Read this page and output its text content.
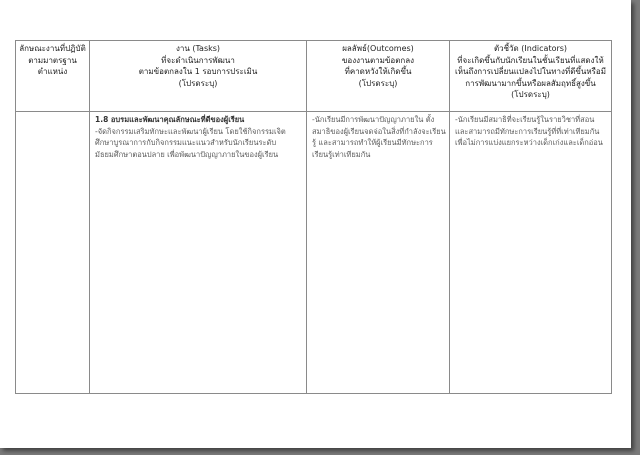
ลักษณะงานที่ปฏิบัติ
ตามมาตรฐาน
ตำแหน่ง	งาน (Tasks)
ที่จะดำเนินการพัฒนา
ตามข้อตกลงใน 1 รอบการประเมิน
(โปรดระบุ)	ผลลัพธ์(Outcomes)
ของงานตามข้อตกลง
ที่คาดหวังให้เกิดขึ้น
(โปรดระบุ)	ตัวชี้วัด (Indicators)
ที่จะเกิดขึ้นกับนักเรียนในชั้นเรียนที่แสดงให้
เห็นถึงการเปลี่ยนแปลงไปในทางที่ดีขึ้นหรือมี
การพัฒนามากขึ้นหรือผลสัมฤทธิ์สูงขึ้น
(โปรดระบุ)

	1.8 อบรมและพัฒนาคุณลักษณะที่ดีของผู้เรียน
-จัดกิจกรรมเสริมทักษะและพัฒนาผู้เรียน โดยใช้กิจกรรมเจิตศึกษาบูรณาการกับกิจกรรมแนะแนวสำหรับนักเรียนระดับมัธยมศึกษาตอนปลาย เพื่อพัฒนาปัญญาภายในของผู้เรียน	-นักเรียนมีการพัฒนาปัญญาภายใน ตั้งสมาธิของผู้เรียนจดจ่อในสิ่งที่กำลังจะเรียนรู้ และสามารถทำให้ผู้เรียนมีทักษะการเรียนรู้เท่าเทียมกัน	-นักเรียนมีสมาธิที่จะเรียนรู้ในรายวิชาที่สอน และสามารถมีทักษะการเรียนรู้ที่ที่เท่าเทียมกันเพื่อไม่การแบ่งแยกระหว่างเด็กเก่งและเด็กอ่อน
